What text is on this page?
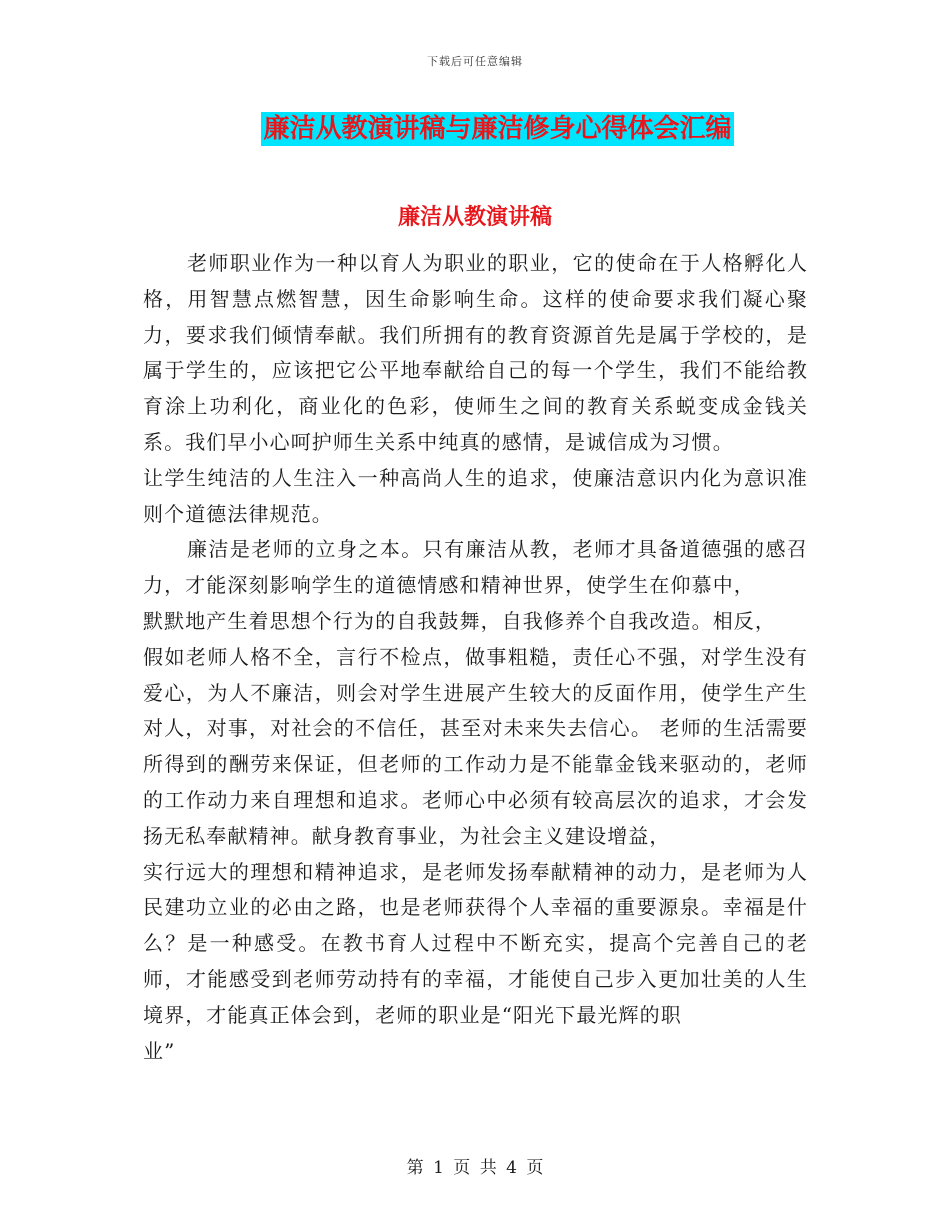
下载后可任意编辑
廉洁从教演讲稿与廉洁修身心得体会汇编
廉洁从教演讲稿

老师职业作为一种以育人为职业的职业，它的使命在于人格孵化人格，用智慧点燃智慧，因生命影响生命。这样的使命要求我们凝心聚力，要求我们倾情奉献。我们所拥有的教育资源首先是属于学校的，是属于学生的，应该把它公平地奉献给自己的每一个学生，我们不能给教育涂上功利化，商业化的色彩，使师生之间的教育关系蜕变成金钱关系。我们早小心呵护师生关系中纯真的感情，是诚信成为习惯。
让学生纯洁的人生注入一种高尚人生的追求，使廉洁意识内化为意识准则个道德法律规范。

廉洁是老师的立身之本。只有廉洁从教，老师才具备道德强的感召力，才能深刻影响学生的道德情感和精神世界，使学生在仰慕中，
默默地产生着思想个行为的自我鼓舞，自我修养个自我改造。相反，
假如老师人格不全，言行不检点，做事粗糙，责任心不强，对学生没有爱心，为人不廉洁，则会对学生进展产生较大的反面作用，使学生产生对人，对事，对社会的不信任，甚至对未来失去信心。 老师的生活需要所得到的酬劳来保证，但老师的工作动力是不能靠金钱来驱动的，老师的工作动力来自理想和追求。老师心中必须有较高层次的追求，才会发扬无私奉献精神。献身教育事业，为社会主义建设增益，
实行远大的理想和精神追求，是老师发扬奉献精神的动力，是老师为人民建功立业的必由之路，也是老师获得个人幸福的重要源泉。幸福是什么？是一种感受。在教书育人过程中不断充实，提高个完善自己的老师，才能感受到老师劳动持有的幸福，才能使自己步入更加壮美的人生境界，才能真正体会到，老师的职业是“阳光下最光辉的职
业”

第 1 页 共 4 页
